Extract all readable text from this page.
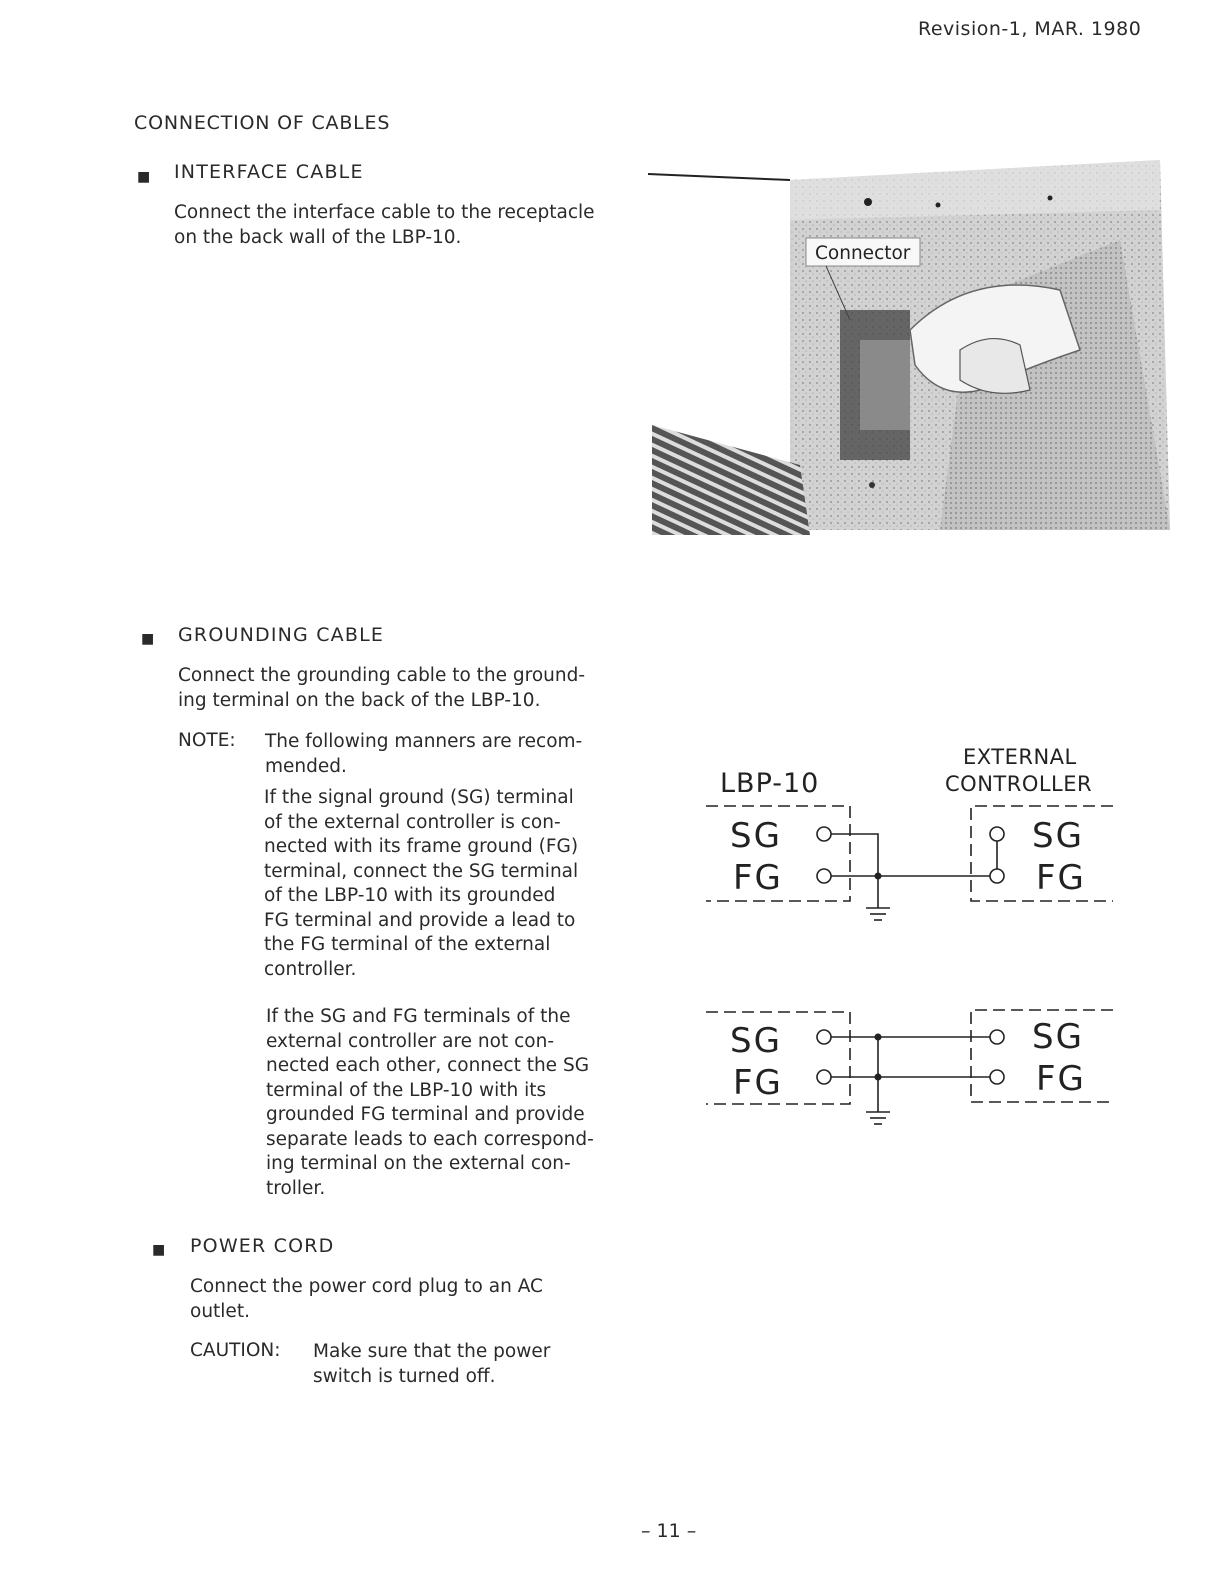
Revision-1, MAR. 1980
CONNECTION OF CABLES
■ INTERFACE CABLE
Connect the interface cable to the receptacle
on the back wall of the LBP-10.
Connector
■ GROUNDING CABLE
Connect the grounding cable to the ground-
ing terminal on the back of the LBP-10.
NOTE: The following manners are recom-
mended.
If the signal ground (SG) terminal
of the external controller is con-
nected with its frame ground (FG)
terminal, connect the SG terminal
of the LBP-10 with its grounded
FG terminal and provide a lead to
the FG terminal of the external
controller.
If the SG and FG terminals of the
external controller are not con-
nected each other, connect the SG
terminal of the LBP-10 with its
grounded FG terminal and provide
separate leads to each correspond-
ing terminal on the external con-
troller.
LBP-10
EXTERNAL
CONTROLLER
SG
FG
SG
FG
SG
FG
SG
FG
■ POWER CORD
Connect the power cord plug to an AC
outlet.
CAUTION: Make sure that the power
switch is turned off.
– 11 –
